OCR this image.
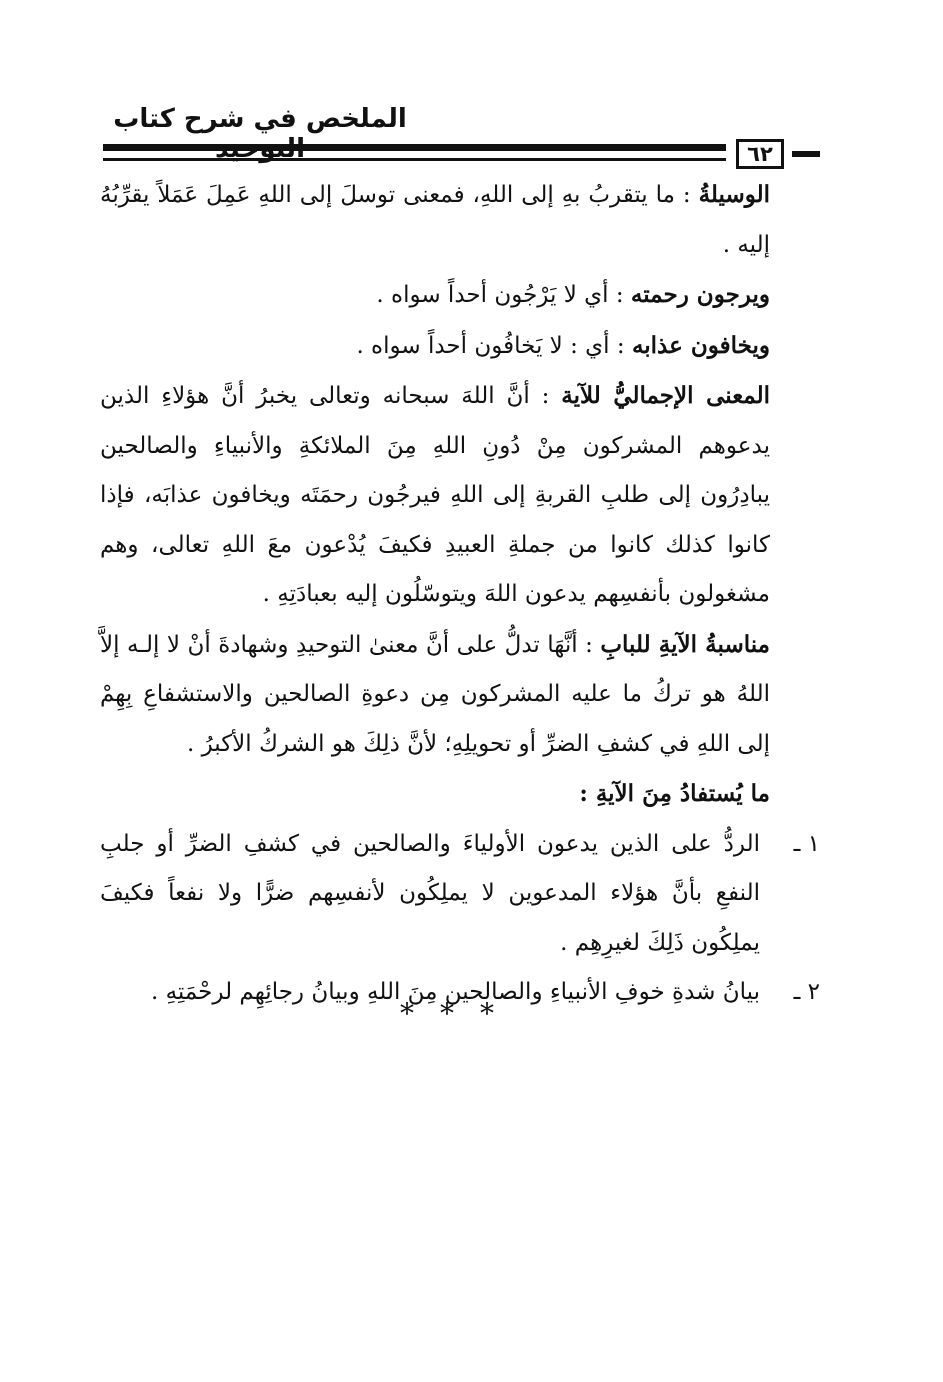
الملخص في شرح كتاب
٦٢

الوسيلةُ : ما يتقربُ بهِ إلى اللهِ، فمعنى توسلَ إلى اللهِ عَمِلَ عَمَلاً يقرِّبُهُ إليه .

ويرجون رحمته : أي لا يَرْجُون أحداً سواه .

ويخافون عذابه : أي : لا يَخافُون أحداً سواه .

المعنى الإجماليُّ للآية : أنَّ اللهَ سبحانه وتعالى يخبرُ أنَّ هؤلاءِ الذين يدعوهم المشركون مِنْ دُونِ اللهِ مِنَ الملائكةِ والأنبياءِ والصالحين يبادِرُون إلى طلبِ القربةِ إلى اللهِ فيرجُون رحمَتَه ويخافون عذابَه، فإذا كانوا كذلك كانوا من جملةِ العبيدِ فكيفَ يُدْعون معَ اللهِ تعالى، وهم مشغولون بأنفسِهم يدعون اللهَ ويتوسّلُون إليه بعبادَتِهِ .

مناسبةُ الآيةِ للبابِ : أنَّهَا تدلُّ على أنَّ معنىٰ التوحيدِ وشهادةَ أنْ لا إلـه إلاَّ اللهُ هو تركُ ما عليه المشركون مِن دعوةِ الصالحين والاستشفاعِ بِهِمْ إلى اللهِ في كشفِ الضرِّ أو تحويلِهِ؛ لأنَّ ذلِكَ هو الشركُ الأكبرُ .

ما يُستفادُ مِنَ الآيةِ :

١ ـ
الردُّ على الذين يدعون الأولياءَ والصالحين في كشفِ الضرِّ أو جلبِ النفعِ بأنَّ هؤلاء المدعوين لا يملِكُون لأنفسِهم ضرًّا ولا نفعاً فكيفَ يملِكُون ذَلِكَ لغيرِهِم .

٢ ـ
بيانُ شدةِ خوفِ الأنبياءِ والصالحين مِنَ اللهِ وبيانُ رجائِهِم لرحْمَتِهِ .

***
